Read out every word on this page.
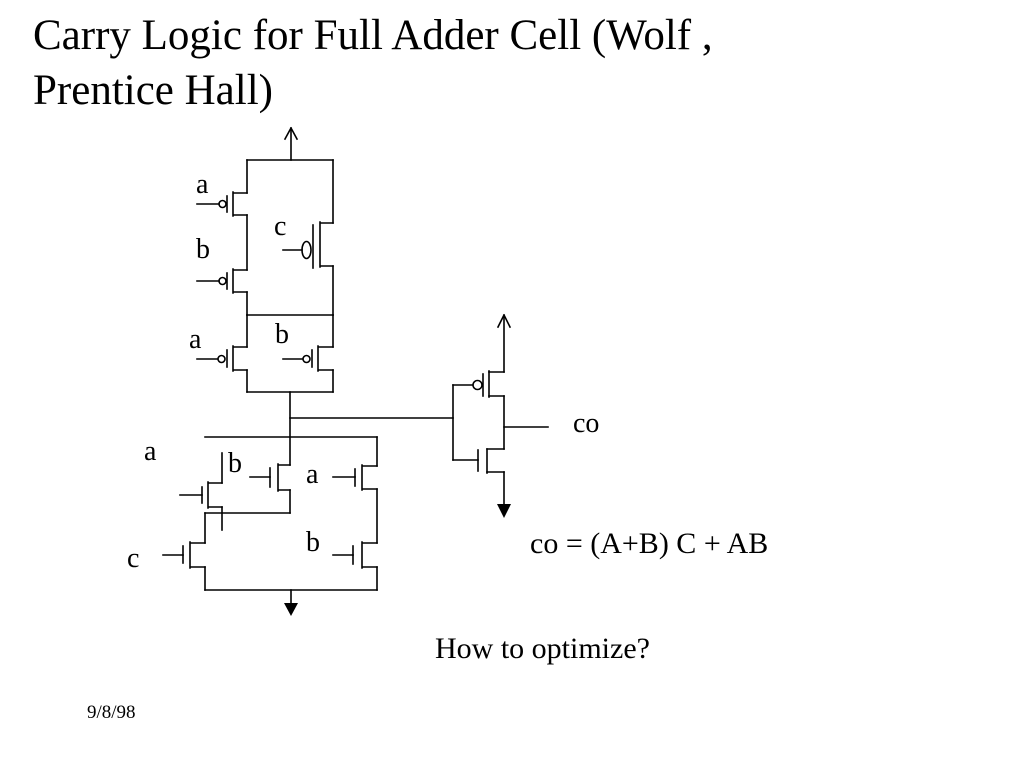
Carry Logic for Full Adder Cell (Wolf ,
Prentice Hall)
a
b
c
a	b
a	b a
c
b
co
co = (A+B) C + AB
How to optimize?
9/8/98
